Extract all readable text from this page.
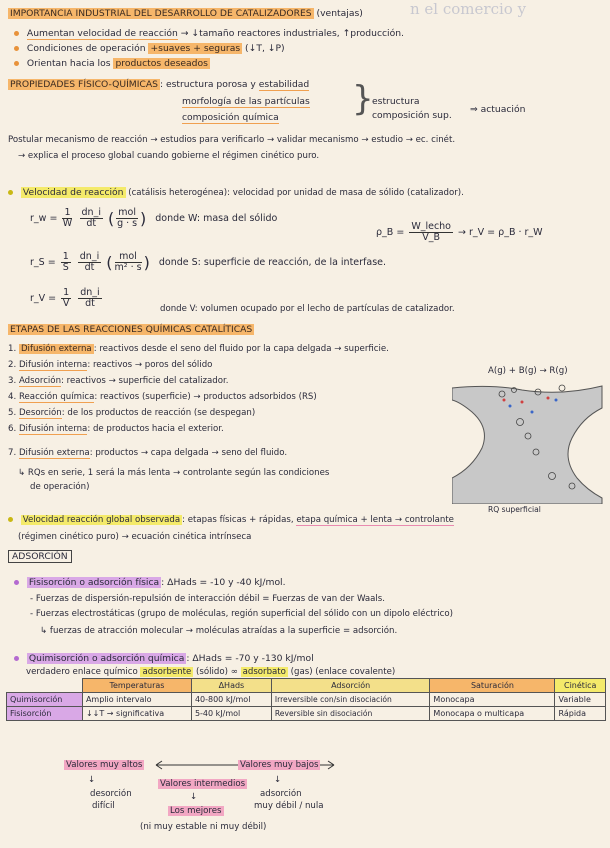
IMPORTANCIA INDUSTRIAL DEL DESARROLLO DE CATALIZADORES (ventajas)	n el comercio y
Aumentan velocidad de reacción → ↓tamaño reactores industriales, ↑producción.
Condiciones de operación +suaves + seguras (↓T, ↓P)
Orientan hacia los productos deseados
PROPIEDADES FÍSICO-QUÍMICAS : estructura porosa y estabilidad
morfología de las partículas
composición química }
estructura
composición sup.
⇒ actuación
Postular mecanismo de reacción → estudios para verificarlo → validar mecanismo → estudio → ec. cinét.
→ explica el proceso global cuando gobierne el régimen cinético puro.
Velocidad de reacción (catálisis heterogénea): velocidad por unidad de masa de sólido (catalizador).
r_w = $\frac{1}{W}$
$\frac{dn\_i}{dt}$ ( $\frac{\text{mol}}{g \cdot s}$ ) donde W: masa del sólido
ρ_B = $\frac{\text{W\_lecho}}{V\_B}$ → r_V = ρ_B · r_W
r_S = $\frac{1}{S}$
$\frac{dn\_i}{dt}$ ( $\frac{\text{mol}}{\text{m² · s}}$ ) donde S: superficie de reacción, de la interfase.
r_V = $\frac{1}{V}$
$\frac{dn\_i}{dt}$	donde V: volumen ocupado por el lecho de partículas de catalizador.
ETAPAS DE LAS REACCIONES QUÍMICAS CATALÍTICAS
1. Difusión externa : reactivos desde el seno del fluido por la capa delgada → superficie.
2. Difusión interna: reactivos → poros del sólido
3. Adsorción: reactivos → superficie del catalizador.
4. Reacción química: reactivos (superficie) → productos adsorbidos (RS)
5. Desorción: de los productos de reacción (se despegan)
6. Difusión interna: de productos hacia el exterior.
7. Difusión externa: productos → capa delgada → seno del fluido.
↳ RQs en serie, 1 será la más lenta → controlante según las condiciones
de operación)
A(g) + B(g) → R(g)
RQ superficial
Velocidad reacción global observada : etapas físicas + rápidas, etapa química + lenta → controlante
(régimen cinético puro) → ecuación cinética intrínseca
ADSORCIÓN
Fisisorción o adsorción física : ΔHads = -10 y -40 kJ/mol.
- Fuerzas de dispersión-repulsión de interacción débil = Fuerzas de van der Waals.
- Fuerzas electrostáticas (grupo de moléculas, región superficial del sólido con un dipolo eléctrico)
↳ fuerzas de atracción molecular → moléculas atraídas a la superficie = adsorción.
Quimisorción o adsorción química : ΔHads = -70 y -130 kJ/mol
verdadero enlace químico adsorbente (sólido) ∞ adsorbato (gas) (enlace covalente)
	Temperaturas	ΔHads	Adsorción	Saturación	Cinética
Quimisorción	Amplio intervalo	40-800 kJ/mol	Irreversible con/sin disociación	Monocapa	Variable
Fisisorción	↓↓T → significativa	5-40 kJ/mol	Reversible sin disociación	Monocapa o multicapa	Rápida
Valores muy altos	Valores muy bajos
Valores intermedios
↓
desorción
difícil
↓
adsorción
muy débil / nula
↓
Los mejores
(ni muy estable ni muy débil)
